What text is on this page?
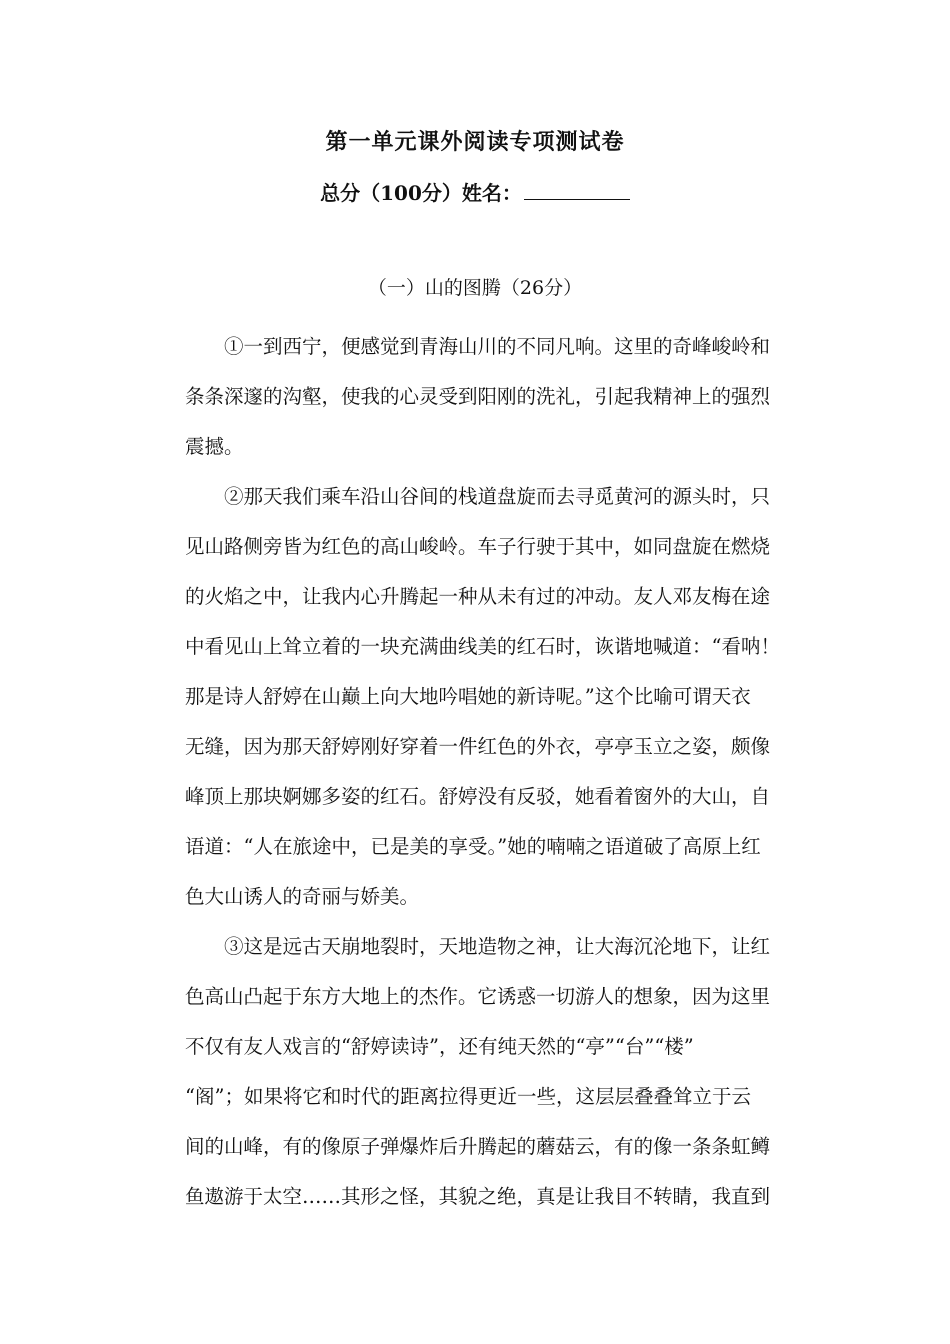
第一单元课外阅读专项测试卷
总分（100分）姓名：
（一）山的图腾（26分）
①一到西宁，便感觉到青海山川的不同凡响。这里的奇峰峻岭和
条条深邃的沟壑，使我的心灵受到阳刚的洗礼，引起我精神上的强烈
震撼。
②那天我们乘车沿山谷间的栈道盘旋而去寻觅黄河的源头时，只
见山路侧旁皆为红色的高山峻岭。车子行驶于其中，如同盘旋在燃烧
的火焰之中，让我内心升腾起一种从未有过的冲动。友人邓友梅在途
中看见山上耸立着的一块充满曲线美的红石时，诙谐地喊道：“看呐！
那是诗人舒婷在山巅上向大地吟唱她的新诗呢。”这个比喻可谓天衣
无缝，因为那天舒婷刚好穿着一件红色的外衣，亭亭玉立之姿，颇像
峰顶上那块婀娜多姿的红石。舒婷没有反驳，她看着窗外的大山，自
语道：“人在旅途中，已是美的享受。”她的喃喃之语道破了高原上红
色大山诱人的奇丽与娇美。
③这是远古天崩地裂时，天地造物之神，让大海沉沦地下，让红
色高山凸起于东方大地上的杰作。它诱惑一切游人的想象，因为这里
不仅有友人戏言的“舒婷读诗”，还有纯天然的“亭”“台”“楼”
“阁”；如果将它和时代的距离拉得更近一些，这层层叠叠耸立于云
间的山峰，有的像原子弹爆炸后升腾起的蘑菇云，有的像一条条虹鳟
鱼遨游于太空……其形之怪，其貌之绝，真是让我目不转睛，我直到
